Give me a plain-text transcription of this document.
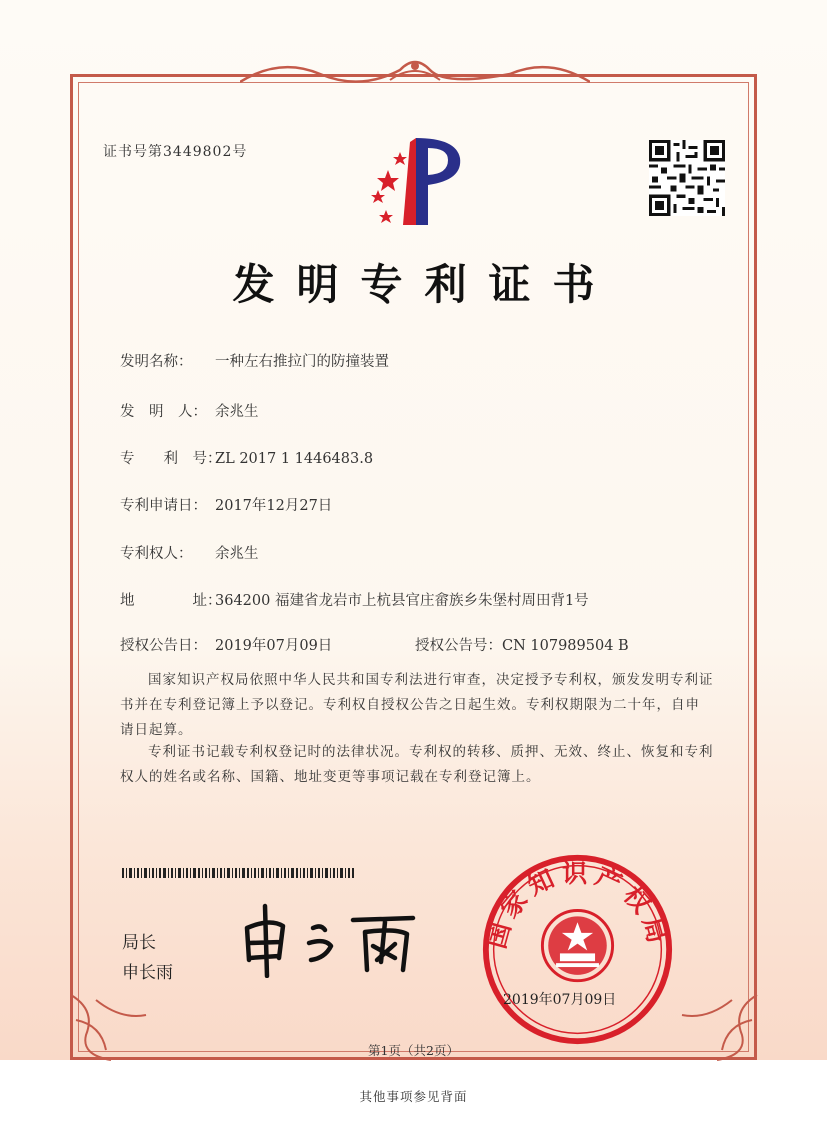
证书号第3449802号
发明专利证书
发明名称： 一种左右推拉门的防撞装置
发　明　人： 余兆生
专　　利　号：ZL 2017 1 1446483.8
专利申请日： 2017年12月27日
专利权人： 余兆生
地　　　　址：364200 福建省龙岩市上杭县官庄畲族乡朱堡村周田背1号
授权公告日： 2019年07月09日	授权公告号：CN 107989504 B
国家知识产权局依照中华人民共和国专利法进行审查，决定授予专利权，颁发发明专利证书并在专利登记簿上予以登记。专利权自授权公告之日起生效。专利权期限为二十年，自申请日起算。
专利证书记载专利权登记时的法律状况。专利权的转移、质押、无效、终止、恢复和专利权人的姓名或名称、国籍、地址变更等事项记载在专利登记簿上。
局长
申长雨
国家知识产权局
2019年07月09日
第1页（共2页）
其他事项参见背面
